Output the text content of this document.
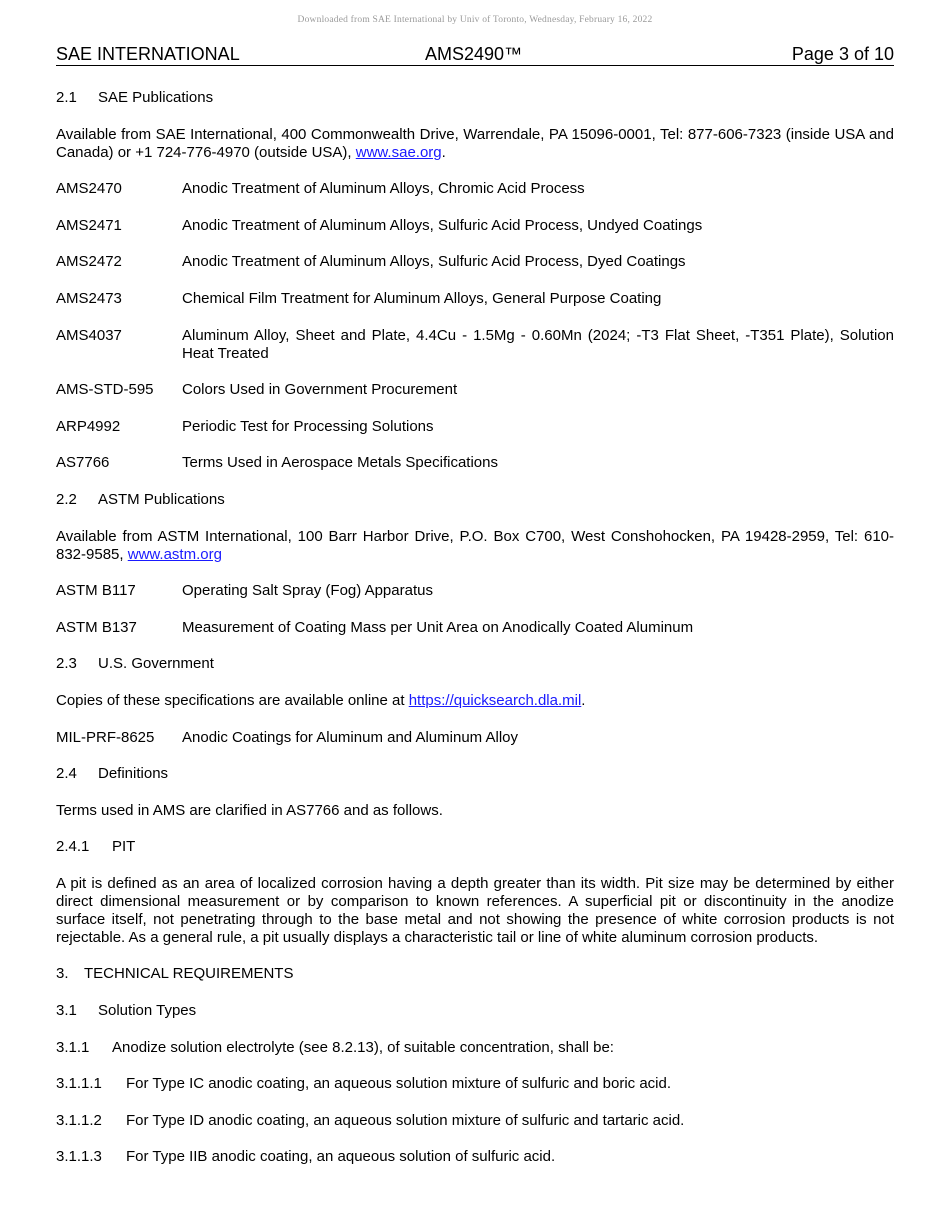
Downloaded from SAE International by Univ of Toronto, Wednesday, February 16, 2022
SAE INTERNATIONAL	AMS2490™	Page 3 of 10

2.1 SAE Publications

Available from SAE International, 400 Commonwealth Drive, Warrendale, PA 15096-0001, Tel: 877-606-7323 (inside USA and Canada) or +1 724-776-4970 (outside USA), www.sae.org.

AMS2470	Anodic Treatment of Aluminum Alloys, Chromic Acid Process
AMS2471	Anodic Treatment of Aluminum Alloys, Sulfuric Acid Process, Undyed Coatings
AMS2472	Anodic Treatment of Aluminum Alloys, Sulfuric Acid Process, Dyed Coatings
AMS2473	Chemical Film Treatment for Aluminum Alloys, General Purpose Coating
AMS4037	Aluminum Alloy, Sheet and Plate, 4.4Cu - 1.5Mg - 0.60Mn (2024; -T3 Flat Sheet, -T351 Plate), Solution Heat Treated
AMS-STD-595	Colors Used in Government Procurement
ARP4992	Periodic Test for Processing Solutions
AS7766	Terms Used in Aerospace Metals Specifications

2.2 ASTM Publications

Available from ASTM International, 100 Barr Harbor Drive, P.O. Box C700, West Conshohocken, PA 19428-2959, Tel: 610-832-9585, www.astm.org

ASTM B117	Operating Salt Spray (Fog) Apparatus
ASTM B137	Measurement of Coating Mass per Unit Area on Anodically Coated Aluminum

2.3 U.S. Government

Copies of these specifications are available online at https://quicksearch.dla.mil.

MIL-PRF-8625	Anodic Coatings for Aluminum and Aluminum Alloy

2.4 Definitions

Terms used in AMS are clarified in AS7766 and as follows.

2.4.1 PIT

A pit is defined as an area of localized corrosion having a depth greater than its width. Pit size may be determined by either direct dimensional measurement or by comparison to known references. A superficial pit or discontinuity in the anodize surface itself, not penetrating through to the base metal and not showing the presence of white corrosion products is not rejectable. As a general rule, a pit usually displays a characteristic tail or line of white aluminum corrosion products.

3. TECHNICAL REQUIREMENTS

3.1 Solution Types

3.1.1 Anodize solution electrolyte (see 8.2.13), of suitable concentration, shall be:

3.1.1.1 For Type IC anodic coating, an aqueous solution mixture of sulfuric and boric acid.

3.1.1.2 For Type ID anodic coating, an aqueous solution mixture of sulfuric and tartaric acid.

3.1.1.3 For Type IIB anodic coating, an aqueous solution of sulfuric acid.
